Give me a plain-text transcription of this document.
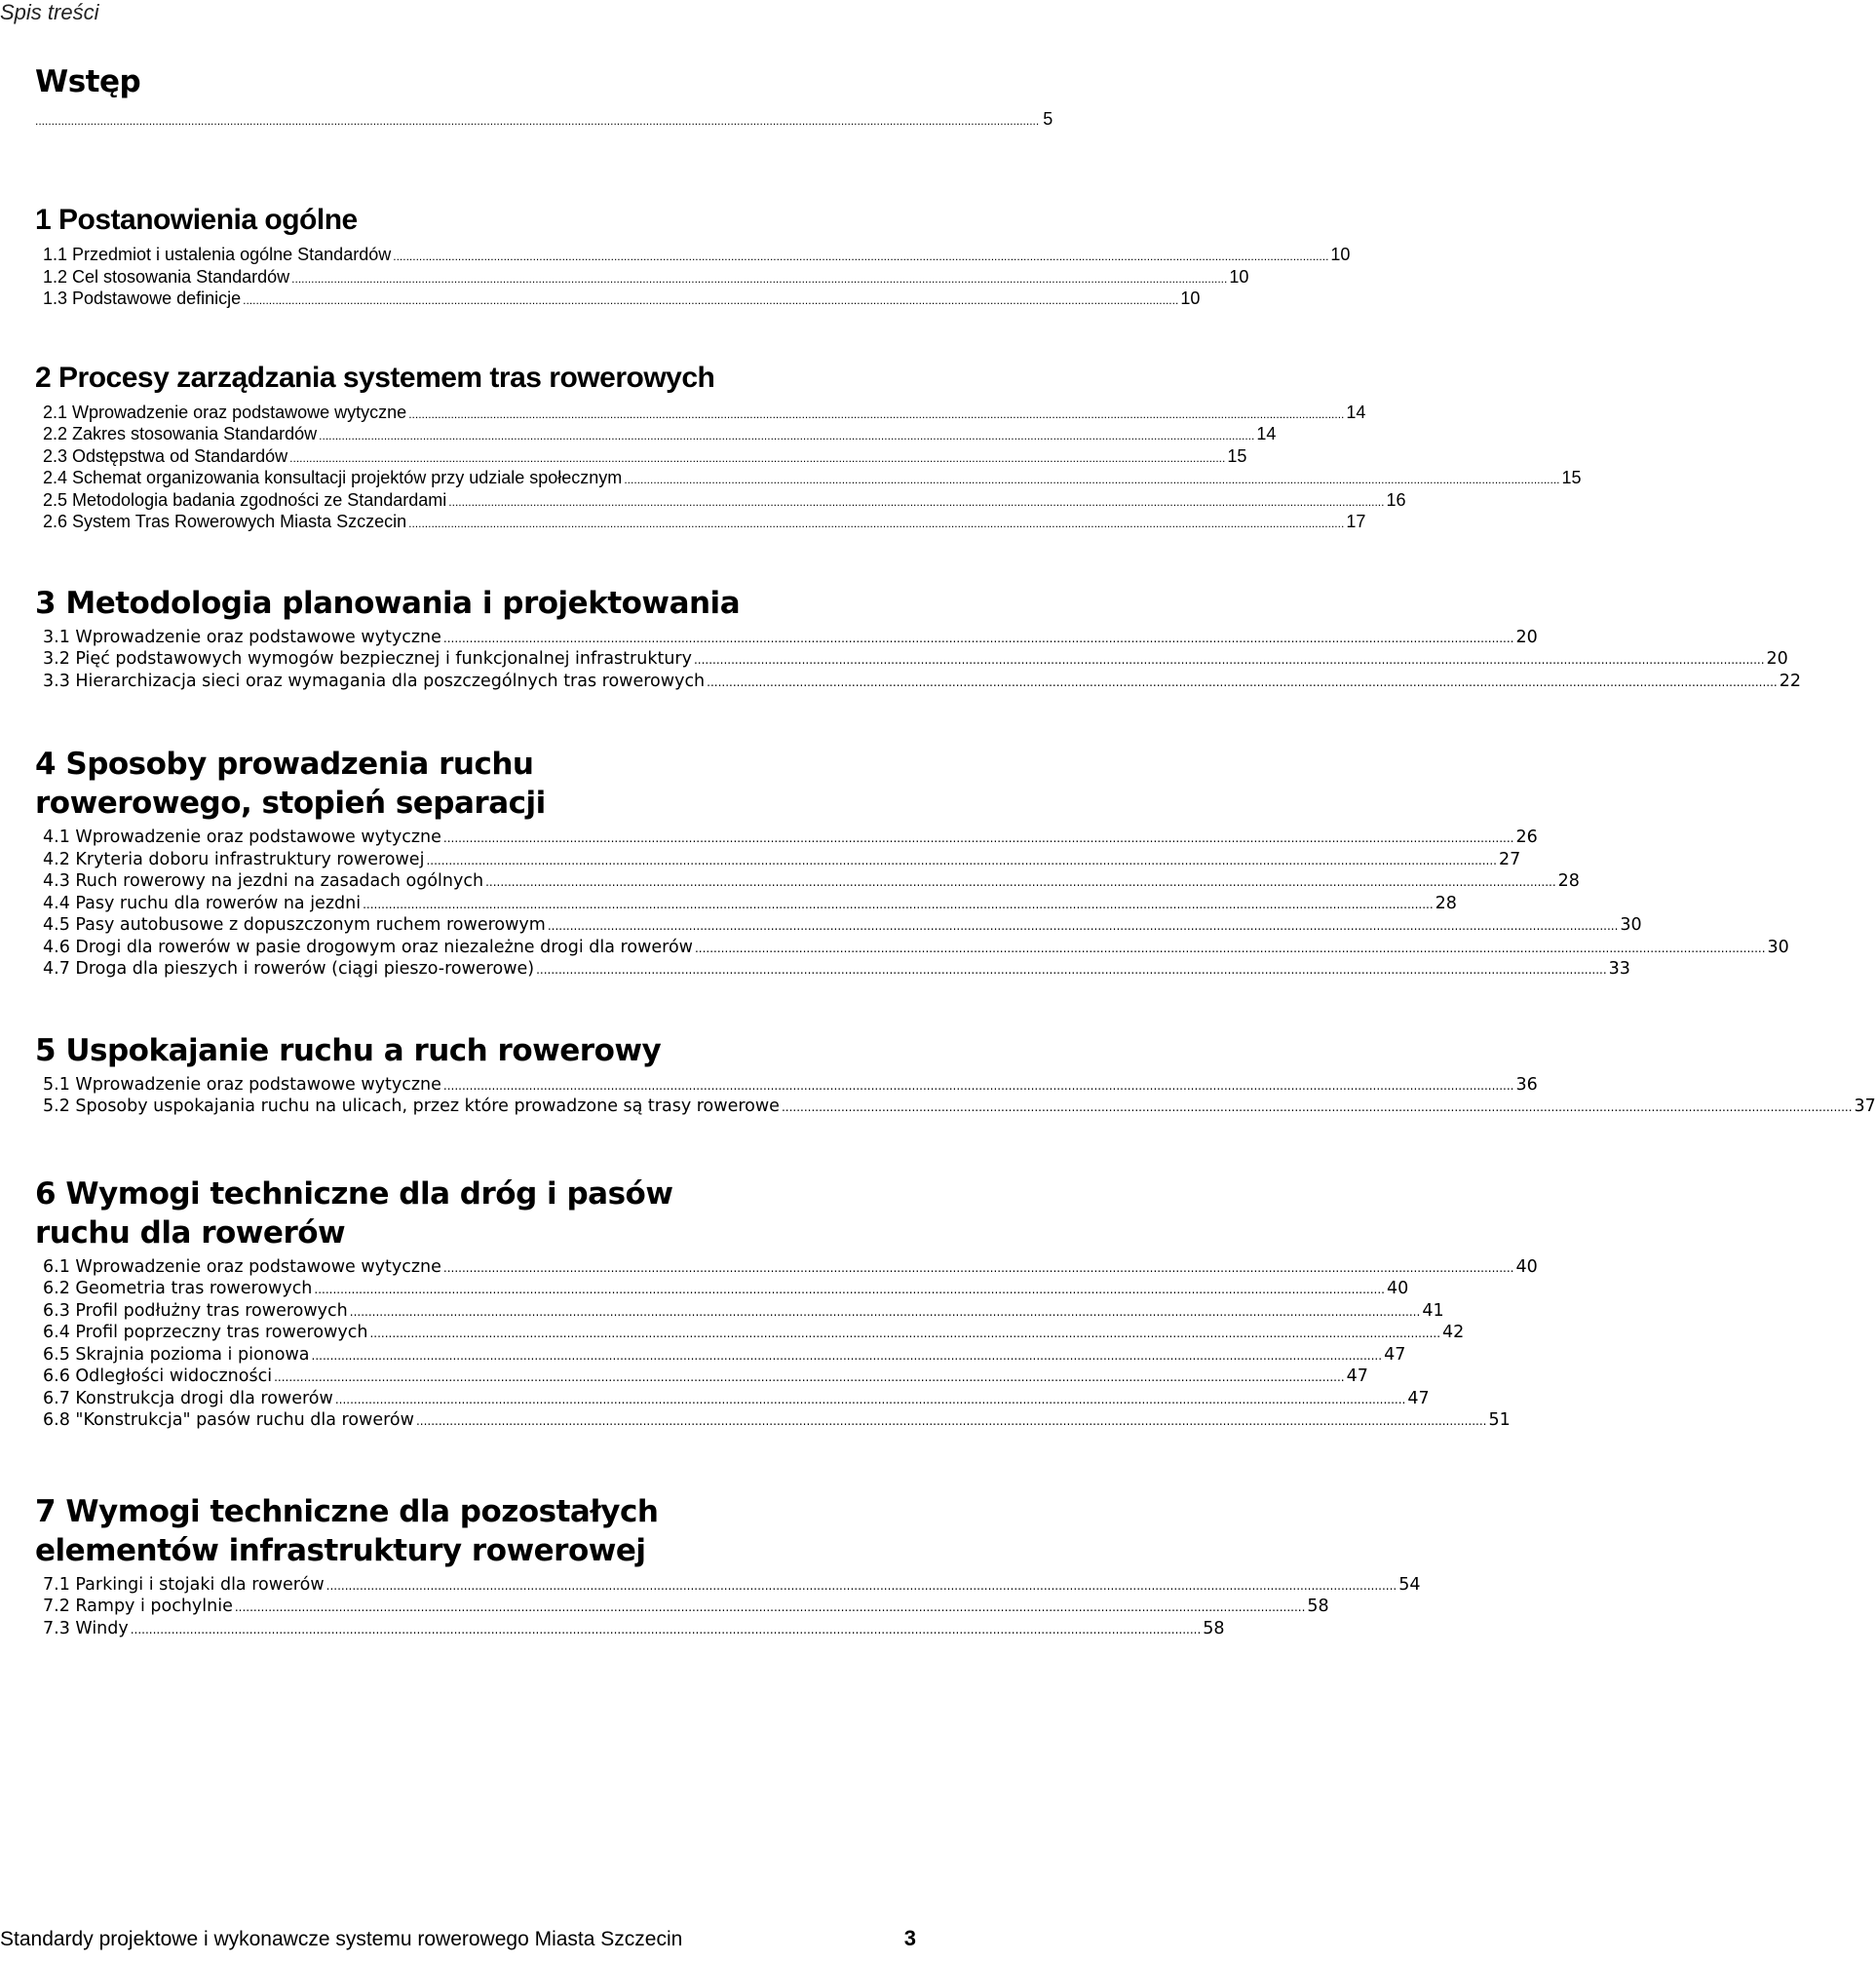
Spis treści
Wstęp
..................................................................................................................................................................................................................................................................................................................... 5
1 Postanowienia ogólne
1.1 Przedmiot i ustalenia ogólne Standardów .....	10
1.2 Cel stosowania Standardów .....	10
1.3 Podstawowe definicje .....	10
2 Procesy zarządzania systemem tras rowerowych
2.1 Wprowadzenie oraz podstawowe wytyczne .....	14
2.2 Zakres stosowania Standardów .....	14
2.3 Odstępstwa od Standardów .....	15
2.4 Schemat organizowania konsultacji projektów przy udziale społecznym .....	15
2.5 Metodologia badania zgodności ze Standardami .....	16
2.6 System Tras Rowerowych Miasta Szczecin .....	17
3 Metodologia planowania i projektowania
3.1 Wprowadzenie oraz podstawowe wytyczne .....	20
3.2 Pięć podstawowych wymogów bezpiecznej i funkcjonalnej infrastruktury .....	20
3.3 Hierarchizacja sieci oraz wymagania dla poszczególnych tras rowerowych .....	22
4 Sposoby prowadzenia ruchu rowerowego, stopień separacji
4.1 Wprowadzenie oraz podstawowe wytyczne .....	26
4.2 Kryteria doboru infrastruktury rowerowej .....	27
4.3 Ruch rowerowy na jezdni na zasadach ogólnych .....	28
4.4 Pasy ruchu dla rowerów na jezdni .....	28
4.5 Pasy autobusowe z dopuszczonym ruchem rowerowym .....	30
4.6 Drogi dla rowerów w pasie drogowym oraz niezależne drogi dla rowerów .....	30
4.7 Droga dla pieszych i rowerów (ciągi pieszo-rowerowe) .....	33
5 Uspokajanie ruchu a ruch rowerowy
5.1 Wprowadzenie oraz podstawowe wytyczne .....	36
5.2 Sposoby uspokajania ruchu na ulicach, przez które prowadzone są trasy rowerowe .....	37
6 Wymogi techniczne dla dróg i pasów ruchu dla rowerów
6.1 Wprowadzenie oraz podstawowe wytyczne .....	40
6.2 Geometria tras rowerowych .....	40
6.3 Profil podłużny tras rowerowych .....	41
6.4 Profil poprzeczny tras rowerowych .....	42
6.5 Skrajnia pozioma i pionowa .....	47
6.6 Odległości widoczności .....	47
6.7 Konstrukcja drogi dla rowerów .....	47
6.8 "Konstrukcja" pasów ruchu dla rowerów .....	51
7 Wymogi techniczne dla pozostałych elementów infrastruktury rowerowej
7.1 Parkingi i stojaki dla rowerów .....	54
7.2 Rampy i pochylnie .....	58
7.3 Windy .....	58
Standardy projektowe i wykonawcze systemu rowerowego Miasta Szczecin	3
